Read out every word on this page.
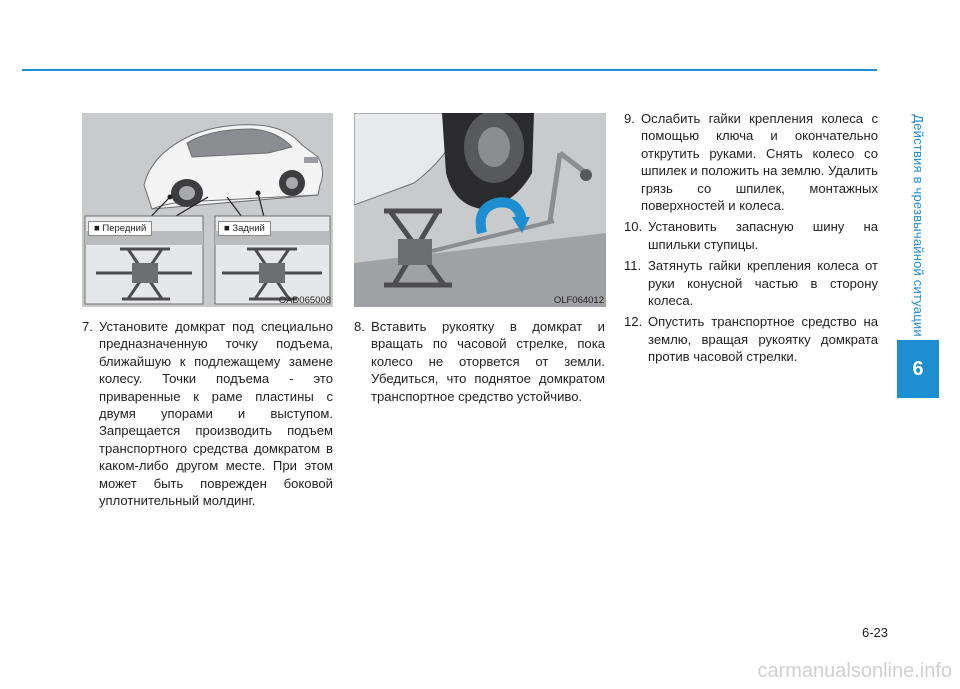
Действия в чрезвычайной ситуации
6
■ Передний	■ Задний
OAD065008	OLF064012

7. Установите домкрат под специально предназначенную точку подъема, ближайшую к подлежащему замене колесу. Точки подъема - это приваренные к раме пластины с двумя упорами и выступом. Запрещается производить подъем транспортного средства домкратом в каком-либо другом месте. При этом может быть поврежден боковой уплотнительный молдинг.

8. Вставить рукоятку в домкрат и вращать по часовой стрелке, пока колесо не оторвется от земли. Убедиться, что поднятое домкратом транспортное средство устойчиво.

9. Ослабить гайки крепления колеса с помощью ключа и окончательно открутить руками. Снять колесо со шпилек и положить на землю. Удалить грязь со шпилек, монтажных поверхностей и колеса.

10. Установить запасную шину на шпильки ступицы.

11. Затянуть гайки крепления колеса от руки конусной частью в сторону колеса.

12. Опустить транспортное средство на землю, вращая рукоятку домкрата против часовой стрелки.

6-23
carmanualsonline.info
